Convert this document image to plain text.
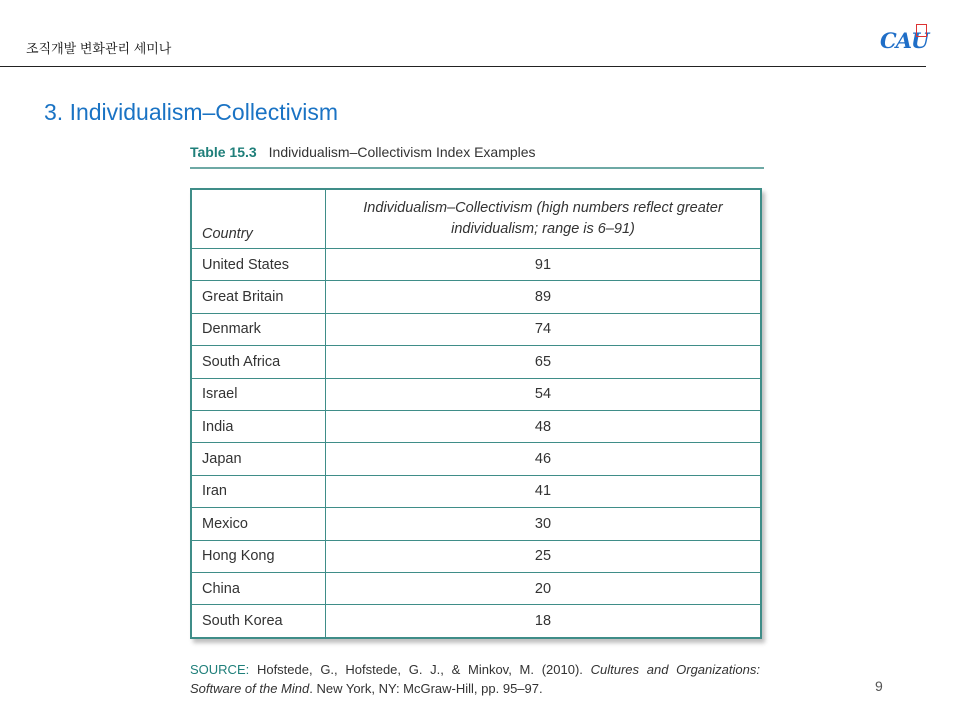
조직개발 변화관리 세미나	CAU
3. Individualism–Collectivism
Table 15.3 Individualism–Collectivism Index Examples
Country	Individualism–Collectivism (high numbers reflect greater individualism; range is 6–91)
United States	91
Great Britain	89
Denmark	74
South Africa	65
Israel	54
India	48
Japan	46
Iran	41
Mexico	30
Hong Kong	25
China	20
South Korea	18
SOURCE: Hofstede, G., Hofstede, G. J., & Minkov, M. (2010). Cultures and Organizations: Software of the Mind. New York, NY: McGraw-Hill, pp. 95–97.	9
